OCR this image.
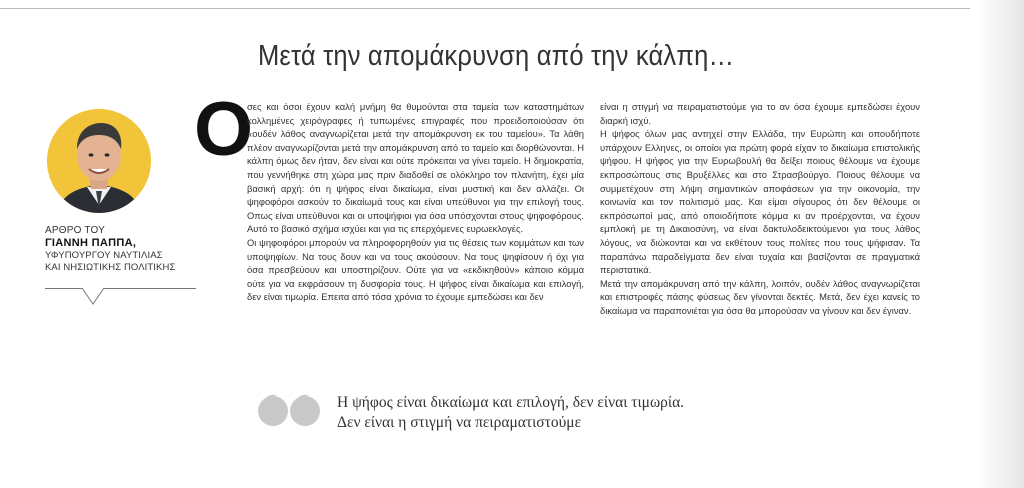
Μετά την απομάκρυνση από την κάλπη…
ΑΡΘΡΟ ΤΟΥ
ΓΙΑΝΝΗ ΠΑΠΠΑ,
ΥΦΥΠΟΥΡΓΟΥ ΝΑΥΤΙΛΙΑΣ
ΚΑΙ ΝΗΣΙΩΤΙΚΗΣ ΠΟΛΙΤΙΚΗΣ
O

σες και όσοι έχουν καλή μνήμη θα θυμούνται στα ταμεία των καταστημάτων κολλημένες χειρόγραφες ή τυπωμένες επιγραφές που προειδοποιούσαν ότι «ουδέν λάθος αναγνωρίζεται μετά την απομάκρυνση εκ του ταμείου». Τα λάθη πλέον αναγνωρίζονται μετά την απομάκρυνση από το ταμείο και διορθώνονται. Η κάλπη όμως δεν ήταν, δεν είναι και ούτε πρόκειται να γίνει ταμείο. Η δημοκρατία, που γεννήθηκε στη χώρα μας πριν διαδοθεί σε ολόκληρο τον πλανήτη, έχει μία βασική αρχή: ότι η ψήφος είναι δικαίωμα, είναι μυστική και δεν αλλάζει. Οι ψηφοφόροι ασκούν το δικαίωμά τους και είναι υπεύθυνοι για την επιλογή τους. Οπως είναι υπεύθυνοι και οι υποψήφιοι για όσα υπόσχονται στους ψηφοφόρους. Αυτό το βασικό σχήμα ισχύει και για τις επερχόμενες ευρωεκλογές.

Οι ψηφοφόροι μπορούν να πληροφορηθούν για τις θέσεις των κομμάτων και των υποψηφίων. Να τους δουν και να τους ακούσουν. Να τους ψηφίσουν ή όχι για όσα πρεσβεύουν και υποστηρίζουν. Ούτε για να «εκδικηθούν» κάποιο κόμμα ούτε για να εκφράσουν τη δυσφορία τους. Η ψήφος είναι δικαίωμα και επιλογή, δεν είναι τιμωρία. Επειτα από τόσα χρόνια το έχουμε εμπεδώσει και δεν

είναι η στιγμή να πειραματιστούμε για το αν όσα έχουμε εμπεδώσει έχουν διαρκή ισχύ.

Η ψήφος όλων μας αντηχεί στην Ελλάδα, την Ευρώπη και οπουδήποτε υπάρχουν Ελληνες, οι οποίοι για πρώτη φορά είχαν το δικαίωμα επιστολικής ψήφου. Η ψήφος για την Ευρωβουλή θα δείξει ποιους θέλουμε να έχουμε εκπροσώπους στις Βρυξέλλες και στο Στρασβούργο. Ποιους θέλουμε να συμμετέχουν στη λήψη σημαντικών αποφάσεων για την οικονομία, την κοινωνία και τον πολιτισμό μας. Και είμαι σίγουρος ότι δεν θέλουμε οι εκπρόσωποί μας, από οποιοδήποτε κόμμα κι αν προέρχονται, να έχουν εμπλοκή με τη Δικαιοσύνη, να είναι δακτυλοδεικτούμενοι για τους λάθος λόγους, να διώκονται και να εκθέτουν τους πολίτες που τους ψήφισαν. Τα παραπάνω παραδείγματα δεν είναι τυχαία και βασίζονται σε πραγματικά περιστατικά.

Μετά την απομάκρυνση από την κάλπη, λοιπόν, ουδέν λάθος αναγνωρίζεται και επιστροφές πάσης φύσεως δεν γίνονται δεκτές. Μετά, δεν έχει κανείς το δικαίωμα να παραπονιέται για όσα θα μπορούσαν να γίνουν και δεν έγιναν.

Η ψήφος είναι δικαίωμα και επιλογή, δεν είναι τιμωρία.
Δεν είναι η στιγμή να πειραματιστούμε
